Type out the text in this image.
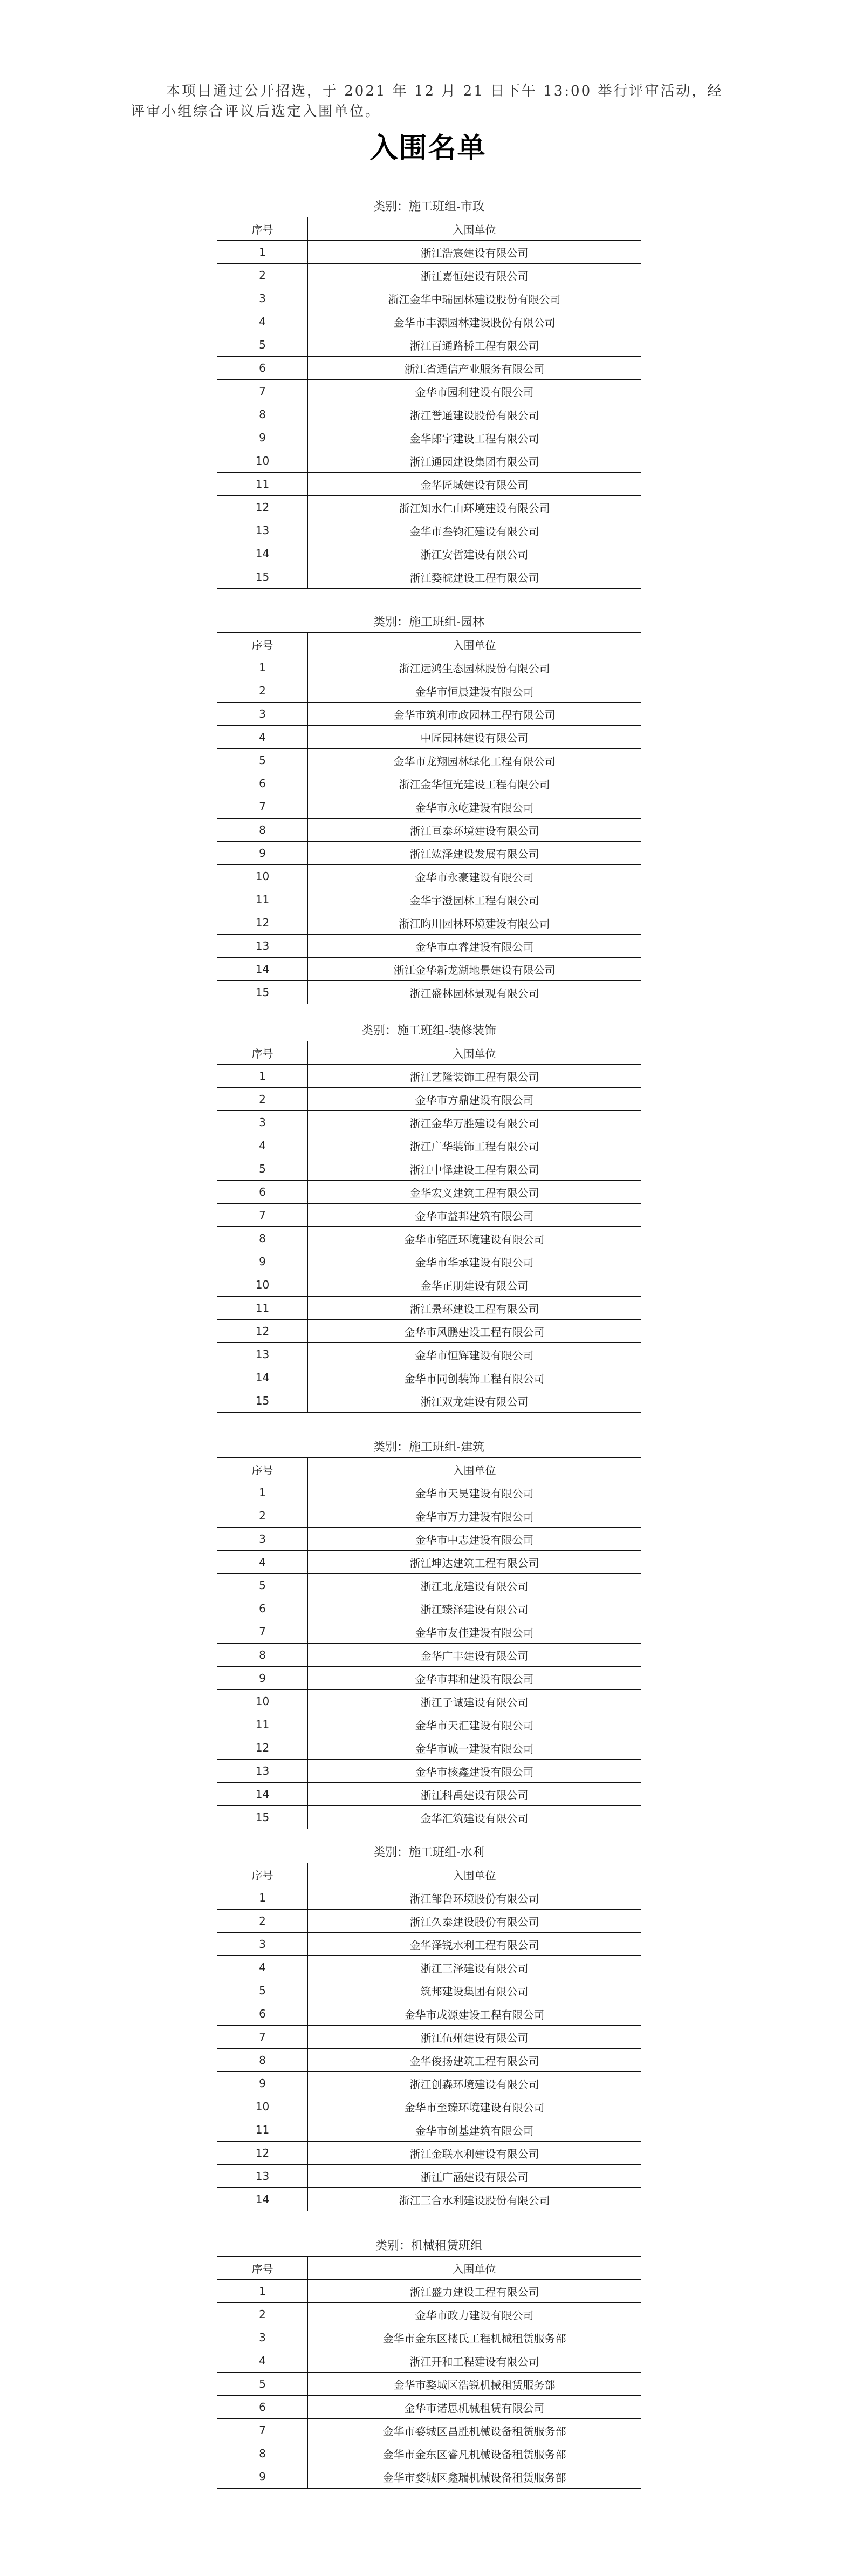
本项目通过公开招选，于 2021 年 12 月 21 日下午 13:00 举行评审活动，经评审小组综合评议后选定入围单位。

入围名单
类别：施工班组-市政
序号	入围单位
1	浙江浩宸建设有限公司
2	浙江嘉恒建设有限公司
3	浙江金华中瑞园林建设股份有限公司
4	金华市丰源园林建设股份有限公司
5	浙江百通路桥工程有限公司
6	浙江省通信产业服务有限公司
7	金华市园利建设有限公司
8	浙江誉通建设股份有限公司
9	金华郎宇建设工程有限公司
10	浙江通园建设集团有限公司
11	金华匠城建设有限公司
12	浙江知水仁山环境建设有限公司
13	金华市叁钧汇建设有限公司
14	浙江安哲建设有限公司
15	浙江婺皖建设工程有限公司
类别：施工班组-园林
序号	入围单位
1	浙江远鸿生态园林股份有限公司
2	金华市恒晨建设有限公司
3	金华市筑利市政园林工程有限公司
4	中匠园林建设有限公司
5	金华市龙翔园林绿化工程有限公司
6	浙江金华恒光建设工程有限公司
7	金华市永屹建设有限公司
8	浙江亘泰环境建设有限公司
9	浙江竑泽建设发展有限公司
10	金华市永豪建设有限公司
11	金华宇澄园林工程有限公司
12	浙江昀川园林环境建设有限公司
13	金华市卓睿建设有限公司
14	浙江金华新龙湖地景建设有限公司
15	浙江盛林园林景观有限公司
类别：施工班组-装修装饰
序号	入围单位
1	浙江艺隆装饰工程有限公司
2	金华市方鼎建设有限公司
3	浙江金华万胜建设有限公司
4	浙江广华装饰工程有限公司
5	浙江中怿建设工程有限公司
6	金华宏义建筑工程有限公司
7	金华市益邦建筑有限公司
8	金华市铭匠环境建设有限公司
9	金华市华承建设有限公司
10	金华正朋建设有限公司
11	浙江景环建设工程有限公司
12	金华市风鹏建设工程有限公司
13	金华市恒辉建设有限公司
14	金华市同创装饰工程有限公司
15	浙江双龙建设有限公司
类别：施工班组-建筑
序号	入围单位
1	金华市天昊建设有限公司
2	金华市万力建设有限公司
3	金华市中志建设有限公司
4	浙江坤达建筑工程有限公司
5	浙江北龙建设有限公司
6	浙江臻泽建设有限公司
7	金华市友佳建设有限公司
8	金华广丰建设有限公司
9	金华市邦和建设有限公司
10	浙江子诚建设有限公司
11	金华市天汇建设有限公司
12	金华市诚一建设有限公司
13	金华市核鑫建设有限公司
14	浙江科禹建设有限公司
15	金华汇筑建设有限公司
类别：施工班组-水利
序号	入围单位
1	浙江邹鲁环境股份有限公司
2	浙江久泰建设股份有限公司
3	金华泽锐水利工程有限公司
4	浙江三泽建设有限公司
5	筑邦建设集团有限公司
6	金华市成源建设工程有限公司
7	浙江伍州建设有限公司
8	金华俊扬建筑工程有限公司
9	浙江创森环境建设有限公司
10	金华市至臻环境建设有限公司
11	金华市创基建筑有限公司
12	浙江金联水利建设有限公司
13	浙江广涵建设有限公司
14	浙江三合水利建设股份有限公司
类别：机械租赁班组
序号	入围单位
1	浙江盛力建设工程有限公司
2	金华市政力建设有限公司
3	金华市金东区楼氏工程机械租赁服务部
4	浙江开和工程建设有限公司
5	金华市婺城区浩锐机械租赁服务部
6	金华市诺思机械租赁有限公司
7	金华市婺城区昌胜机械设备租赁服务部
8	金华市金东区睿凡机械设备租赁服务部
9	金华市婺城区鑫瑞机械设备租赁服务部
